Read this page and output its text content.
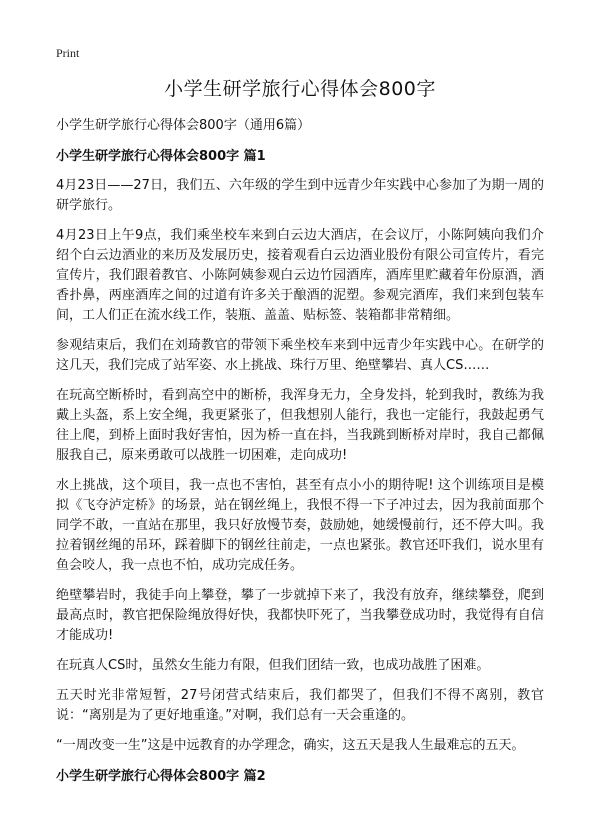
Print
小学生研学旅行心得体会800字

小学生研学旅行心得体会800字（通用6篇）

小学生研学旅行心得体会800字 篇1

4月23日——27日，我们五、六年级的学生到中远青少年实践中心参加了为期一周的研学旅行。

4月23日上午9点，我们乘坐校车来到白云边大酒店，在会议厅，小陈阿姨向我们介绍个白云边酒业的来历及发展历史，接着观看白云边酒业股份有限公司宣传片，看完宣传片，我们跟着教官、小陈阿姨参观白云边竹园酒库，酒库里贮藏着年份原酒，酒香扑鼻，两座酒库之间的过道有许多关于酿酒的泥塑。参观完酒库，我们来到包装车间，工人们正在流水线工作，装瓶、盖盖、贴标签、装箱都非常精细。

参观结束后，我们在刘琦教官的带领下乘坐校车来到中远青少年实践中心。在研学的这几天，我们完成了站军姿、水上挑战、珠行万里、绝壁攀岩、真人CS……

在玩高空断桥时，看到高空中的断桥，我浑身无力，全身发抖，轮到我时，教练为我戴上头盔，系上安全绳，我更紧张了，但我想别人能行，我也一定能行，我鼓起勇气往上爬，到桥上面时我好害怕，因为桥一直在抖，当我跳到断桥对岸时，我自己都佩服我自己，原来勇敢可以战胜一切困难，走向成功!

水上挑战，这个项目，我一点也不害怕，甚至有点小小的期待呢! 这个训练项目是模拟《飞夺泸定桥》的场景，站在钢丝绳上，我恨不得一下子冲过去，因为我前面那个同学不敢，一直站在那里，我只好放慢节奏，鼓励她，她缓慢前行，还不停大叫。我拉着钢丝绳的吊环，踩着脚下的钢丝往前走，一点也紧张。教官还吓我们，说水里有鱼会咬人，我一点也不怕，成功完成任务。

绝壁攀岩时，我徒手向上攀登，攀了一步就掉下来了，我没有放弃，继续攀登，爬到最高点时，教官把保险绳放得好快，我都快吓死了，当我攀登成功时，我觉得有自信才能成功!

在玩真人CS时，虽然女生能力有限，但我们团结一致，也成功战胜了困难。

五天时光非常短暂，27号闭营式结束后，我们都哭了，但我们不得不离别，教官说：“离别是为了更好地重逢。”对啊，我们总有一天会重逢的。

“一周改变一生”这是中远教育的办学理念，确实，这五天是我人生最难忘的五天。

小学生研学旅行心得体会800字 篇2
